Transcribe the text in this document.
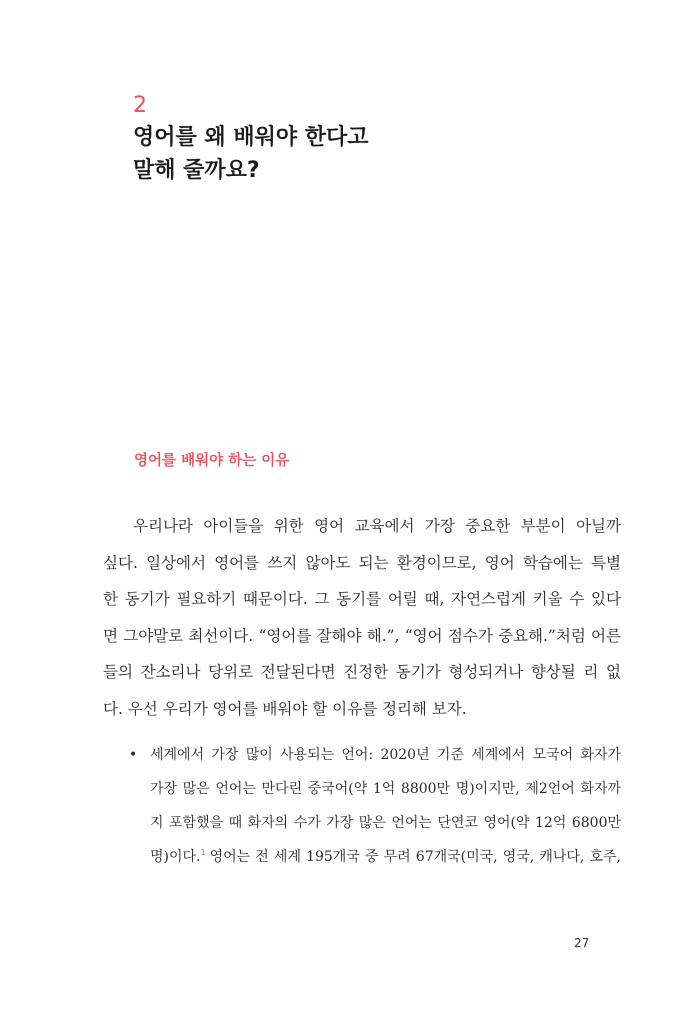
2
영어를 왜 배워야 한다고
말해 줄까요?
영어를 배워야 하는 이유
우리나라 아이들을 위한 영어 교육에서 가장 중요한 부분이 아닐까
싶다. 일상에서 영어를 쓰지 않아도 되는 환경이므로, 영어 학습에는 특별
한 동기가 필요하기 때문이다. 그 동기를 어릴 때, 자연스럽게 키울 수 있다
면 그야말로 최선이다. “영어를 잘해야 해.”, “영어 점수가 중요해.”처럼 어른
들의 잔소리나 당위로 전달된다면 진정한 동기가 형성되거나 향상될 리 없
다. 우선 우리가 영어를 배워야 할 이유를 정리해 보자.
• 세계에서 가장 많이 사용되는 언어: 2020년 기준 세계에서 모국어 화자가
가장 많은 언어는 만다린 중국어(약 1억 8800만 명)이지만, 제2언어 화자까
지 포함했을 때 화자의 수가 가장 많은 언어는 단연코 영어(약 12억 6800만
명)이다.$^1$ 영어는 전 세계 195개국 중 무려 67개국(미국, 영국, 캐나다, 호주,
27
